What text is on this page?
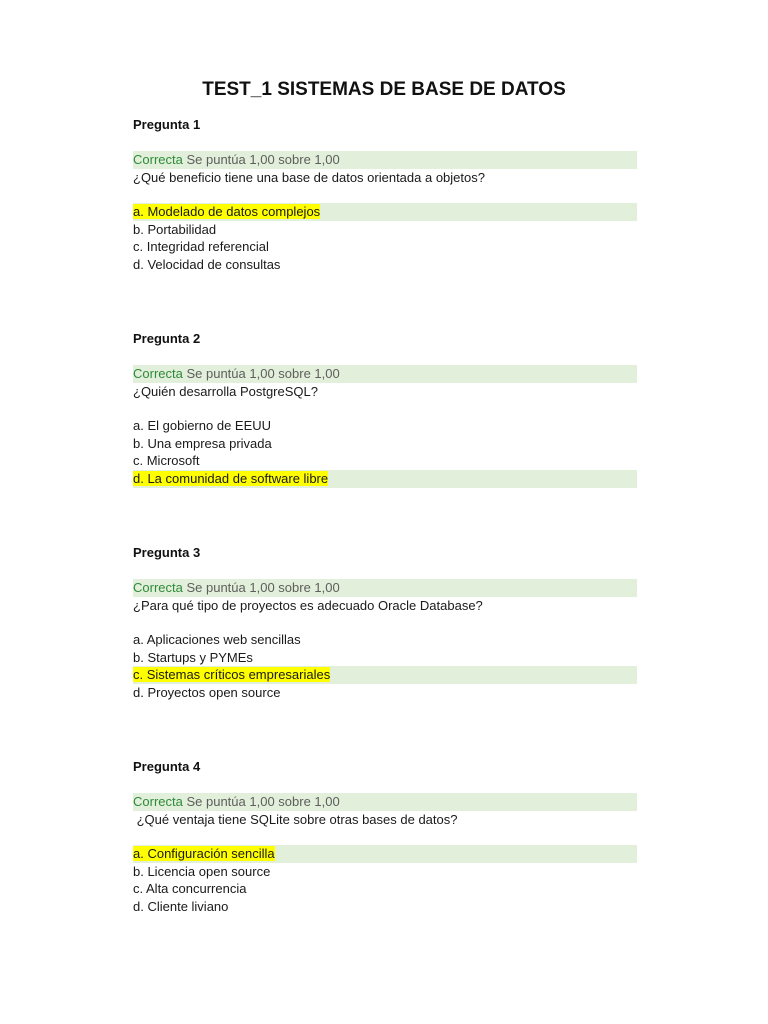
TEST_1 SISTEMAS DE BASE DE DATOS
Pregunta 1
Correcta Se puntúa 1,00 sobre 1,00
¿Qué beneficio tiene una base de datos orientada a objetos?
a. Modelado de datos complejos
b. Portabilidad
c. Integridad referencial
d. Velocidad de consultas
Pregunta 2
Correcta Se puntúa 1,00 sobre 1,00
¿Quién desarrolla PostgreSQL?
a. El gobierno de EEUU
b. Una empresa privada
c. Microsoft
d. La comunidad de software libre
Pregunta 3
Correcta Se puntúa 1,00 sobre 1,00
¿Para qué tipo de proyectos es adecuado Oracle Database?
a. Aplicaciones web sencillas
b. Startups y PYMEs
c. Sistemas críticos empresariales
d. Proyectos open source
Pregunta 4
Correcta Se puntúa 1,00 sobre 1,00
¿Qué ventaja tiene SQLite sobre otras bases de datos?
a. Configuración sencilla
b. Licencia open source
c. Alta concurrencia
d. Cliente liviano
